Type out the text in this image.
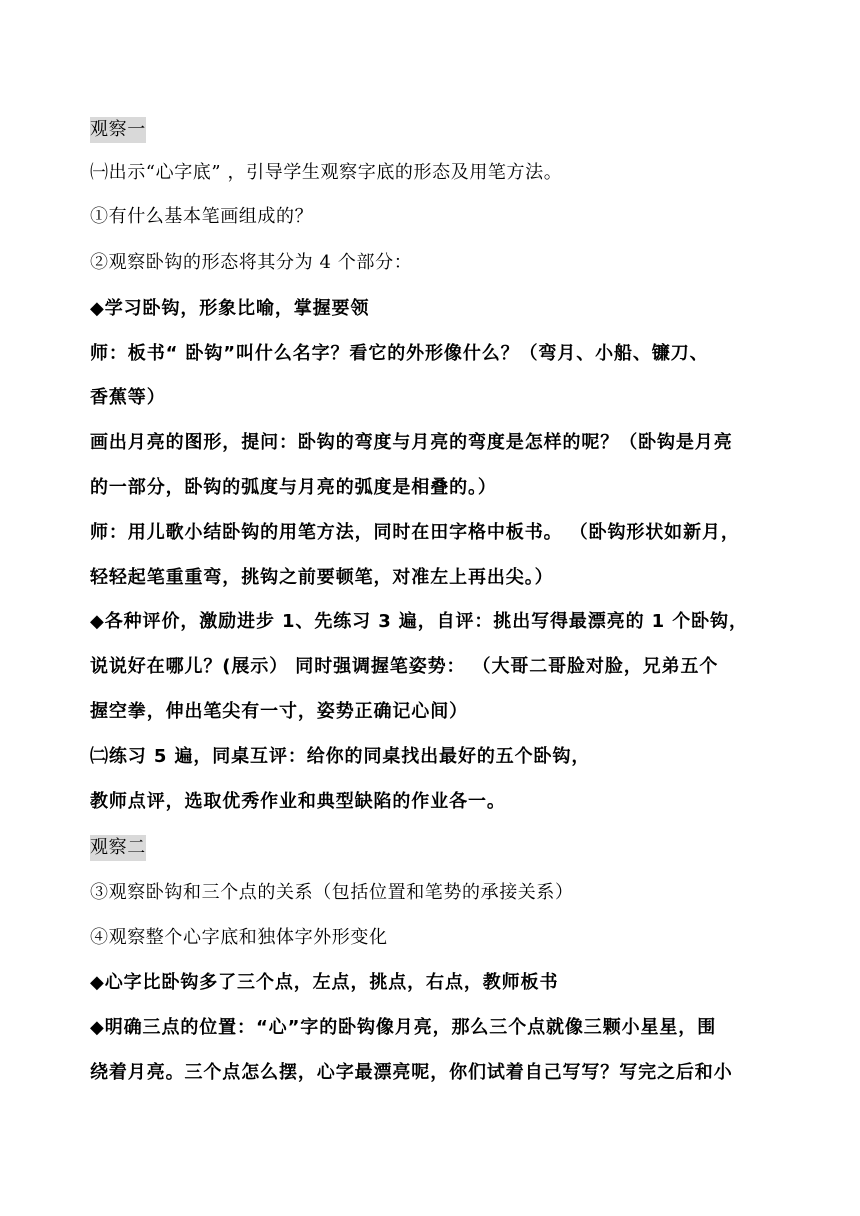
观察一
㈠出示“心字底” ，引导学生观察字底的形态及用笔方法。
①有什么基本笔画组成的？
②观察卧钩的形态将其分为 4 个部分：
◆学习卧钩，形象比喻，掌握要领
师：板书“ 卧钩”叫什么名字？看它的外形像什么？（弯月、小船、镰刀、
香蕉等）
画出月亮的图形，提问：卧钩的弯度与月亮的弯度是怎样的呢？（卧钩是月亮
的一部分，卧钩的弧度与月亮的弧度是相叠的。）
师：用儿歌小结卧钩的用笔方法，同时在田字格中板书。 （卧钩形状如新月，
轻轻起笔重重弯，挑钩之前要顿笔，对准左上再出尖。）
◆各种评价，激励进步 1、先练习 3 遍，自评：挑出写得最漂亮的 1 个卧钩，
说说好在哪儿？(展示） 同时强调握笔姿势： （大哥二哥脸对脸，兄弟五个
握空拳，伸出笔尖有一寸，姿势正确记心间）
㈡练习 5 遍，同桌互评：给你的同桌找出最好的五个卧钩，
教师点评，选取优秀作业和典型缺陷的作业各一。
观察二
③观察卧钩和三个点的关系（包括位置和笔势的承接关系）
④观察整个心字底和独体字外形变化
◆心字比卧钩多了三个点，左点，挑点，右点，教师板书
◆明确三点的位置：“心”字的卧钩像月亮，那么三个点就像三颗小星星，围
绕着月亮。三个点怎么摆，心字最漂亮呢，你们试着自己写写？写完之后和小
